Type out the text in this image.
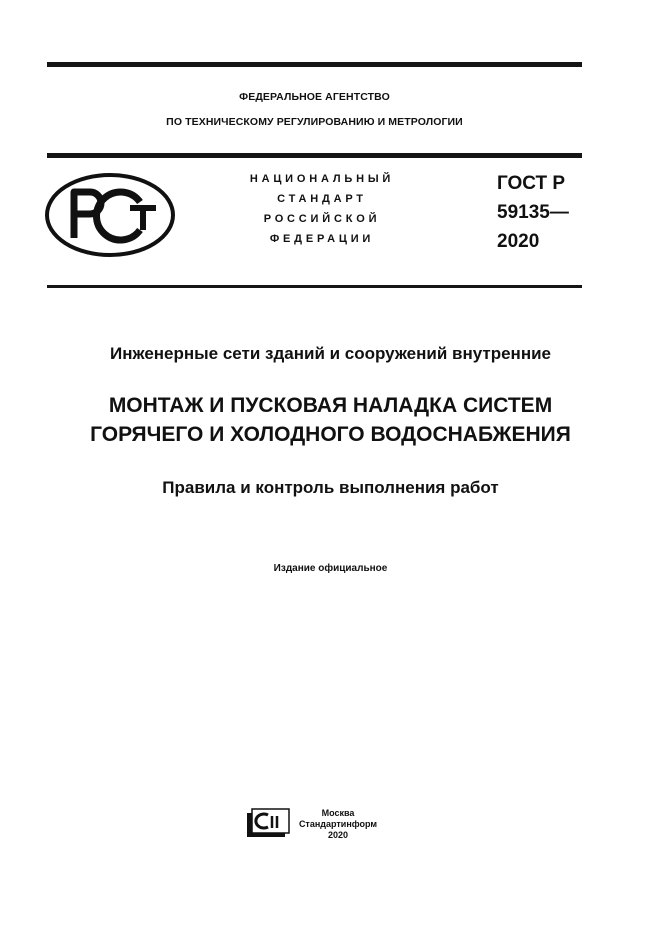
ФЕДЕРАЛЬНОЕ АГЕНТСТВО
ПО ТЕХНИЧЕСКОМУ РЕГУЛИРОВАНИЮ И МЕТРОЛОГИИ
НАЦИОНАЛЬНЫЙ
СТАНДАРТ
РОССИЙСКОЙ
ФЕДЕРАЦИИ
ГОСТ Р
59135—
2020
Инженерные сети зданий и сооружений внутренние
МОНТАЖ И ПУСКОВАЯ НАЛАДКА СИСТЕМ
ГОРЯЧЕГО И ХОЛОДНОГО ВОДОСНАБЖЕНИЯ
Правила и контроль выполнения работ
Издание официальное
Москва
Стандартинформ
2020
